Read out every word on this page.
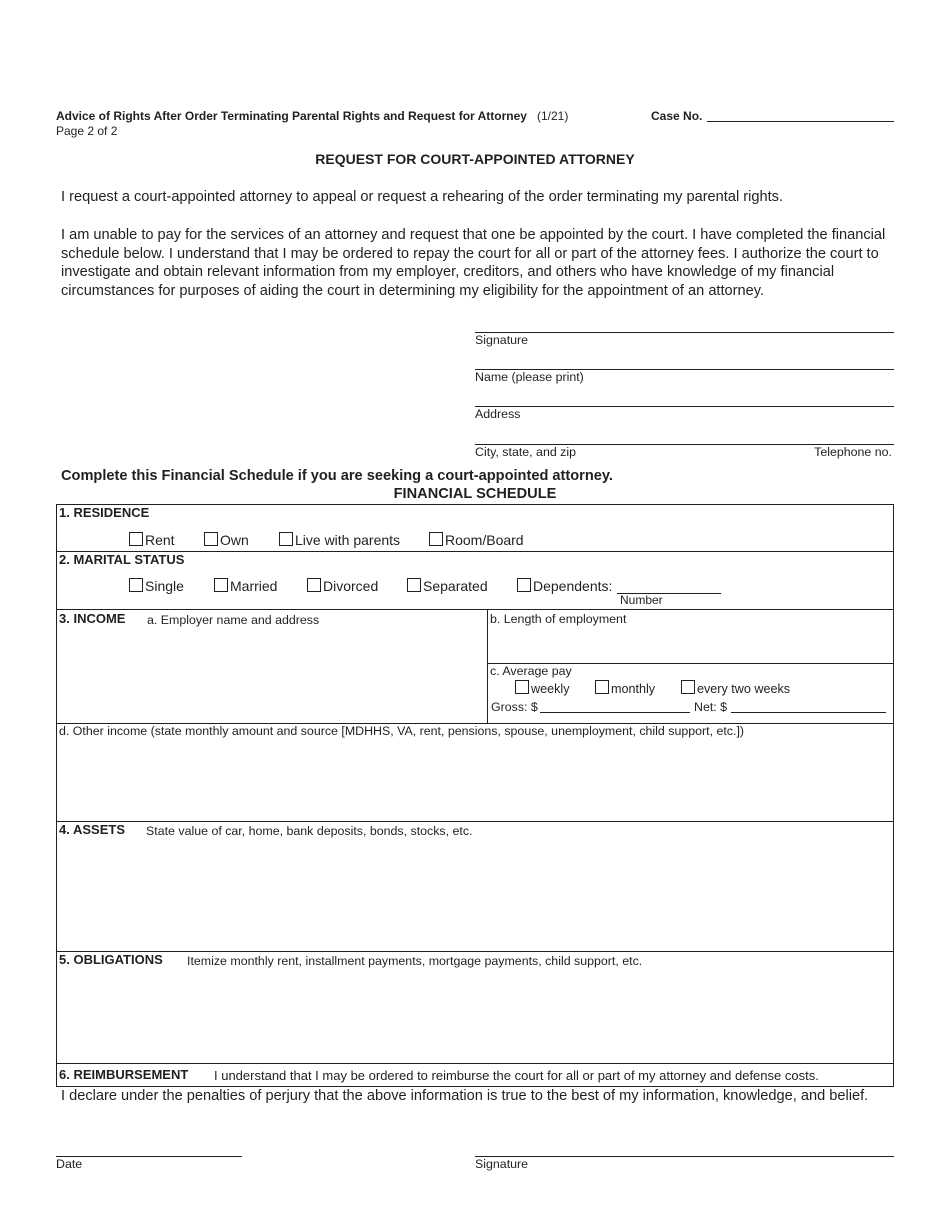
Advice of Rights After Order Terminating Parental Rights and Request for Attorney (1/21)
Page 2 of 2
Case No.
REQUEST FOR COURT-APPOINTED ATTORNEY
I request a court-appointed attorney to appeal or request a rehearing of the order terminating my parental rights.
I am unable to pay for the services of an attorney and request that one be appointed by the court. I have completed the financial schedule below. I understand that I may be ordered to repay the court for all or part of the attorney fees. I authorize the court to investigate and obtain relevant information from my employer, creditors, and others who have knowledge of my financial circumstances for purposes of aiding the court in determining my eligibility for the appointment of an attorney.
Signature
Name (please print)
Address
City, state, and zip	Telephone no.
Complete this Financial Schedule if you are seeking a court-appointed attorney.
FINANCIAL SCHEDULE
1. RESIDENCE
Rent	Own	Live with parents	Room/Board
2. MARITAL STATUS
Single	Married	Divorced	Separated	Dependents:
Number
3. INCOME a. Employer name and address	b. Length of employment
c. Average pay
weekly	monthly	every two weeks
Gross: $	Net: $
d. Other income (state monthly amount and source [MDHHS, VA, rent, pensions, spouse, unemployment, child support, etc.])
4. ASSETS State value of car, home, bank deposits, bonds, stocks, etc.
5. OBLIGATIONS Itemize monthly rent, installment payments, mortgage payments, child support, etc.
6. REIMBURSEMENT I understand that I may be ordered to reimburse the court for all or part of my attorney and defense costs.
I declare under the penalties of perjury that the above information is true to the best of my information, knowledge, and belief.
Date	Signature
